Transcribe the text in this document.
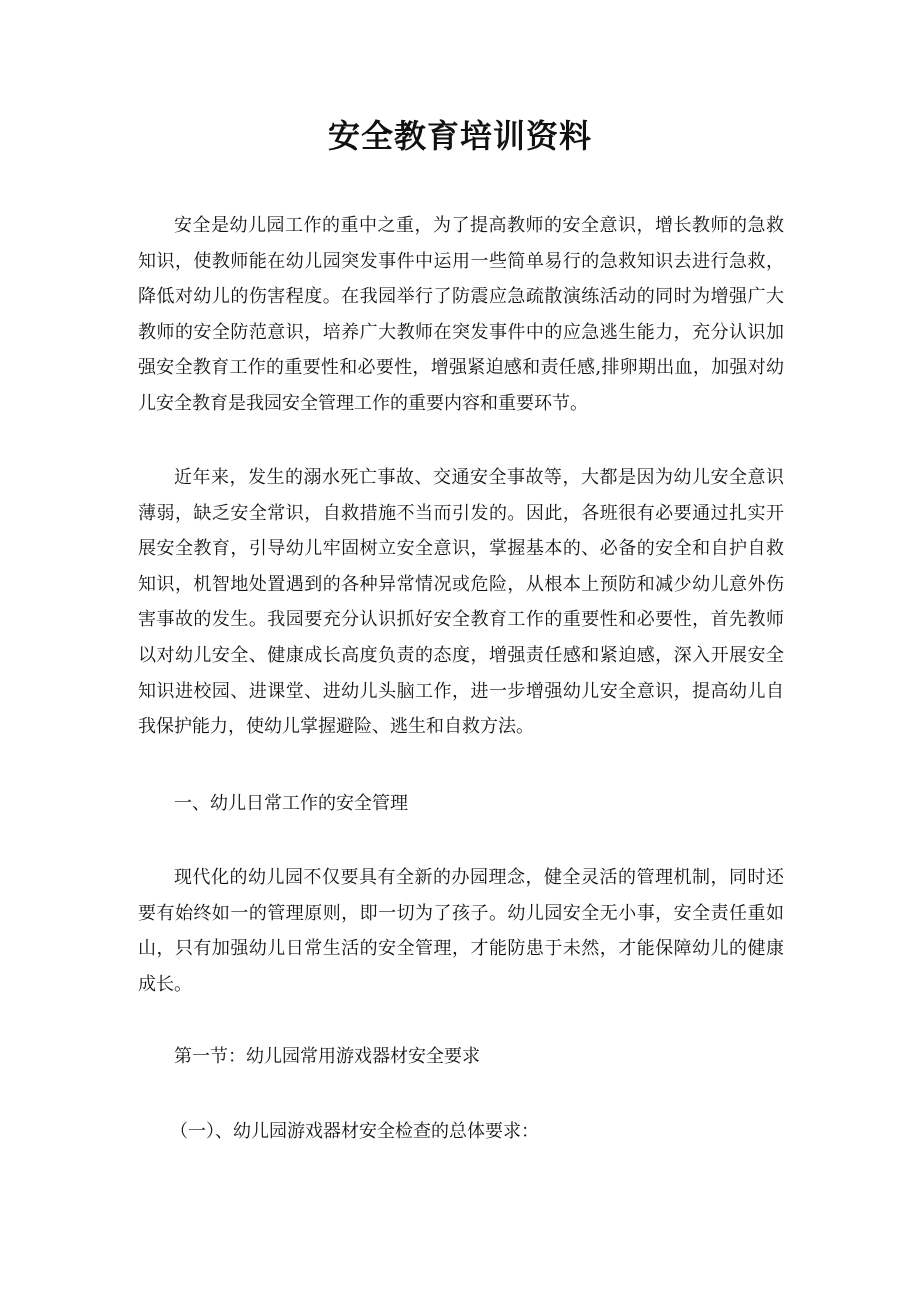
安全教育培训资料

安全是幼儿园工作的重中之重，为了提高教师的安全意识，增长教师的急救知识，使教师能在幼儿园突发事件中运用一些简单易行的急救知识去进行急救，降低对幼儿的伤害程度。在我园举行了防震应急疏散演练活动的同时为增强广大教师的安全防范意识，培养广大教师在突发事件中的应急逃生能力，充分认识加强安全教育工作的重要性和必要性，增强紧迫感和责任感,排卵期出血，加强对幼儿安全教育是我园安全管理工作的重要内容和重要环节。

近年来，发生的溺水死亡事故、交通安全事故等，大都是因为幼儿安全意识薄弱，缺乏安全常识，自救措施不当而引发的。因此，各班很有必要通过扎实开展安全教育，引导幼儿牢固树立安全意识，掌握基本的、必备的安全和自护自救知识，机智地处置遇到的各种异常情况或危险，从根本上预防和减少幼儿意外伤害事故的发生。我园要充分认识抓好安全教育工作的重要性和必要性，首先教师以对幼儿安全、健康成长高度负责的态度，增强责任感和紧迫感，深入开展安全知识进校园、进课堂、进幼儿头脑工作，进一步增强幼儿安全意识，提高幼儿自我保护能力，使幼儿掌握避险、逃生和自救方法。

一、幼儿日常工作的安全管理

现代化的幼儿园不仅要具有全新的办园理念，健全灵活的管理机制，同时还要有始终如一的管理原则，即一切为了孩子。幼儿园安全无小事，安全责任重如山，只有加强幼儿日常生活的安全管理，才能防患于未然，才能保障幼儿的健康成长。

第一节：幼儿园常用游戏器材安全要求

（一）、幼儿园游戏器材安全检查的总体要求：
